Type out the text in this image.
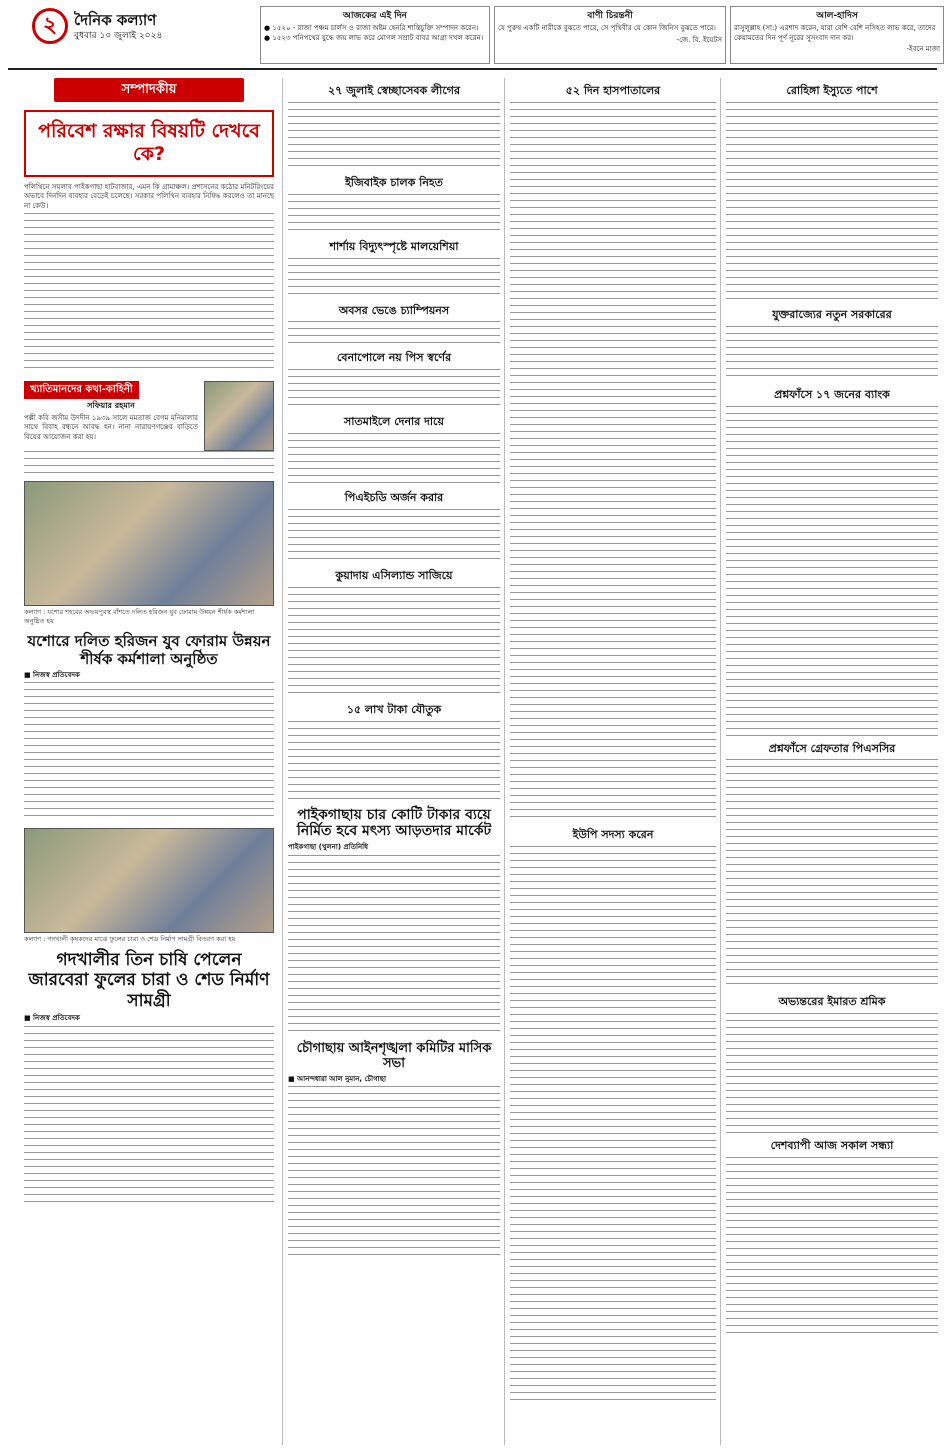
২	দৈনিক কল্যাণ
বুধবার ১০ জুলাই ২০২৪
আজকের এই দিন
● ১৫২০ - রাজা পঞ্চম চার্লস ও রাজা অষ্টম হেনরি শান্তিচুক্তি সম্পাদন করেন। ● ১৫২৩ পনিপথের যুদ্ধে জয় লাভ করে মোগল সম্রাট বাবর আগ্রা দখল করেন।
বাণী চিরন্তনী
যে পুরুষ একটি নারীকে বুঝতে পারে, সে পৃথিবীর যে কোন জিনিস বুঝতে পারে।
-জে. বি. ইয়েটস
আল-হাদিস
রাসুলুল্লাহ (সা:) এরশাদ করেন, যারা বেশি বেশি নসিহত লাভ করে, তাদের কেয়ামতের দিন পূর্ণ নূরের সুসংবাদ দান কর।
-ইবনে মাজা
সম্পাদকীয়
পরিবেশ রক্ষার বিষয়টি দেখবে কে?
পলিথিনে সয়লাব পাইকগাছা হাটবাজার, এমন কি গ্রামাঞ্চল। প্রশাসনের কঠোর মনিটরিংয়ের অভাবে দিনদিন ব্যবহার বেড়েই চলেছে। সরকার পলিথিন ব্যবহার নিষিদ্ধ করলেও তা মানছে না কেউ।
খ্যাতিমানদের কথা-কাহিনী
সফিয়ার রহমান
পল্লী কবি জসীম উদদীন ১৯৩৯ সালে মমতাজ বেগম মনিমালার সাথে বিবাহ বন্ধনে আবদ্ধ হন। নানা নারায়ণগঞ্জের বাড়িতে বিয়ের আয়োজন করা হয়।
কল্যাণ : যশোর শহরের অভয়পুরস্থ বাঁশতে দলিত হরিজন যুব ফোরাম উন্নয়ন শীর্ষক কর্মশালা অনুষ্ঠিত হয়
যশোরে দলিত হরিজন যুব ফোরাম উন্নয়ন শীর্ষক কর্মশালা অনুষ্ঠিত
■ নিজস্ব প্রতিবেদক
কল্যাণ : গদখালী কৃষকদের মাঝে ফুলের চারা ও শেড নির্মাণ সামগ্রী বিতরণ করা হয়
গদখালীর তিন চাষি পেলেন জারবেরা ফুলের চারা ও শেড নির্মাণ সামগ্রী
■ নিজস্ব প্রতিবেদক
২৭ জুলাই স্বেচ্ছাসেবক লীগের
ইজিবাইক চালক নিহত
শার্শায় বিদ্যুৎস্পৃষ্টে মালয়েশিয়া
অবসর ভেঙে চ্যাম্পিয়নস
বেনাপোলে নয় পিস স্বর্ণের
সাতমাইলে দেনার দায়ে
পিএইচডি অর্জন করার
কুয়াদায় এসিল্যান্ড সাজিয়ে
১৫ লাখ টাকা যৌতুক
পাইকগাছায় চার কোটি টাকার ব্যয়ে নির্মিত হবে মৎস্য আড়তদার মার্কেট
পাইকগাছা (খুলনা) প্রতিনিধি
চৌগাছায় আইনশৃঙ্খলা কমিটির মাসিক সভা
■ আনন্দধারা আল নুমান, চৌগাছা
৫২ দিন হাসপাতালের
ইউপি সদস্য করেন
রোহিঙ্গা ইস্যুতে পাশে
যুক্তরাজ্যের নতুন সরকারের
প্রশ্নফাঁসে ১৭ জনের ব্যাংক
প্রশ্নফাঁসে গ্রেফতার পিএসসির
অভ্যন্তরের ইমারত শ্রমিক
দেশব্যাপী আজ সকাল সন্ধ্যা
